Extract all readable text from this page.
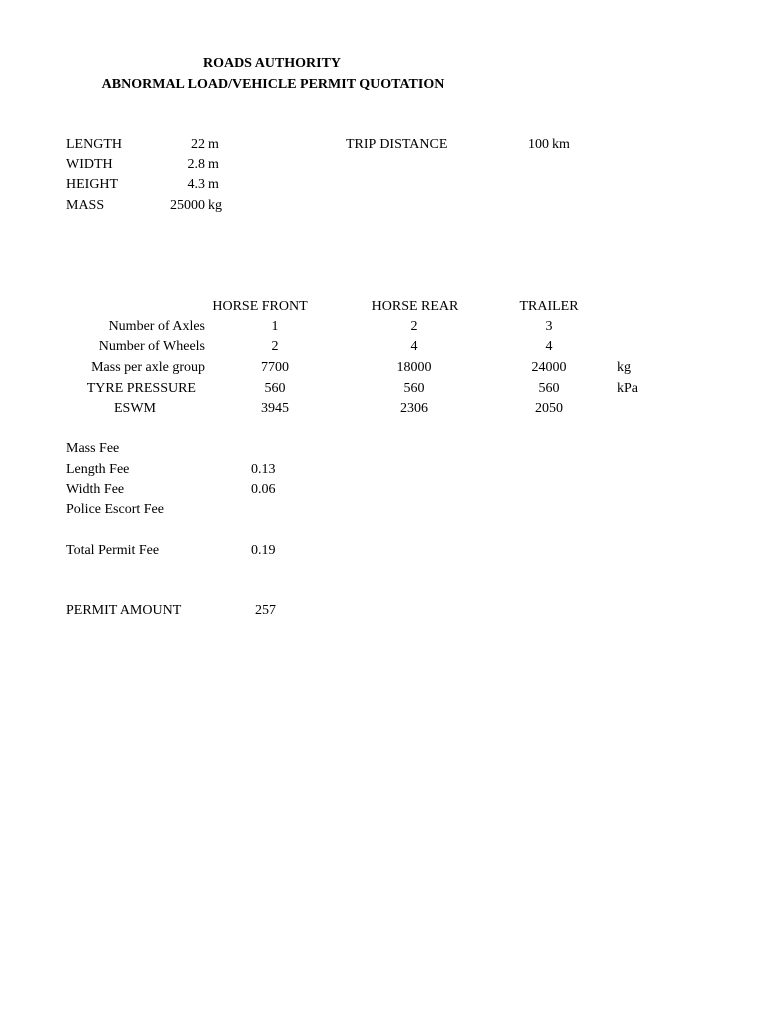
ROADS AUTHORITY
ABNORMAL LOAD/VEHICLE PERMIT QUOTATION
LENGTH	22 m
WIDTH	2.8 m
HEIGHT	4.3 m
MASS	25000 kg
TRIP DISTANCE	100 km
HORSE FRONT	HORSE REAR	TRAILER
Number of Axles	1	2	3
Number of Wheels	2	4	4
Mass per axle group	7700	18000	24000	kg
TYRE PRESSURE	560	560	560	kPa
ESWM	3945	2306	2050
Mass Fee
Length Fee	0.13
Width Fee	0.06
Police Escort Fee
Total Permit Fee	0.19
PERMIT AMOUNT	257
